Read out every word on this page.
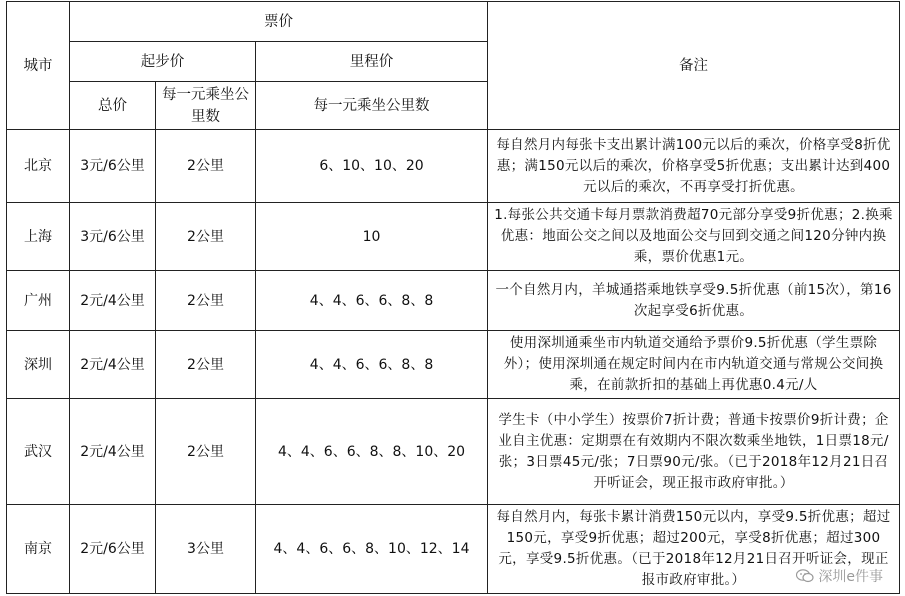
城市	票价			备注
	起步价		里程价	
	总价	每一元乘坐公里数	每一元乘坐公里数	
北京	3元/6公里	2公里	6、10、10、20	每自然月内每张卡支出累计满100元以后的乘次，价格享受8折优惠；满150元以后的乘次，价格享受5折优惠；支出累计达到400元以后的乘次，不再享受打折优惠。
上海	3元/6公里	2公里	10	1.每张公共交通卡每月票款消费超70元部分享受9折优惠；2.换乘优惠：地面公交之间以及地面公交与回到交通之间120分钟内换乘，票价优惠1元。
广州	2元/4公里	2公里	4、4、6、6、8、8	一个自然月内，羊城通搭乘地铁享受9.5折优惠（前15次），第16次起享受6折优惠。
深圳	2元/4公里	2公里	4、4、6、6、8、8	使用深圳通乘坐市内轨道交通给予票价9.5折优惠（学生票除外）；使用深圳通在规定时间内在市内轨道交通与常规公交间换乘，在前款折扣的基础上再优惠0.4元/人
武汉	2元/4公里	2公里	4、4、6、6、8、8、10、20	学生卡（中小学生）按票价7折计费；普通卡按票价9折计费；企业自主优惠：定期票在有效期内不限次数乘坐地铁，1日票18元/张；3日票45元/张；7日票90元/张。（已于2018年12月21日召开听证会，现正报市政府审批。）
南京	2元/6公里	3公里	4、4、6、6、8、10、12、14	每自然月内，每张卡累计消费150元以内，享受9.5折优惠；超过150元，享受9折优惠；超过200元，享受8折优惠；超过300元，享受9.5折优惠。（已于2018年12月21日召开听证会，现正报市政府审批。）	深圳e件事
